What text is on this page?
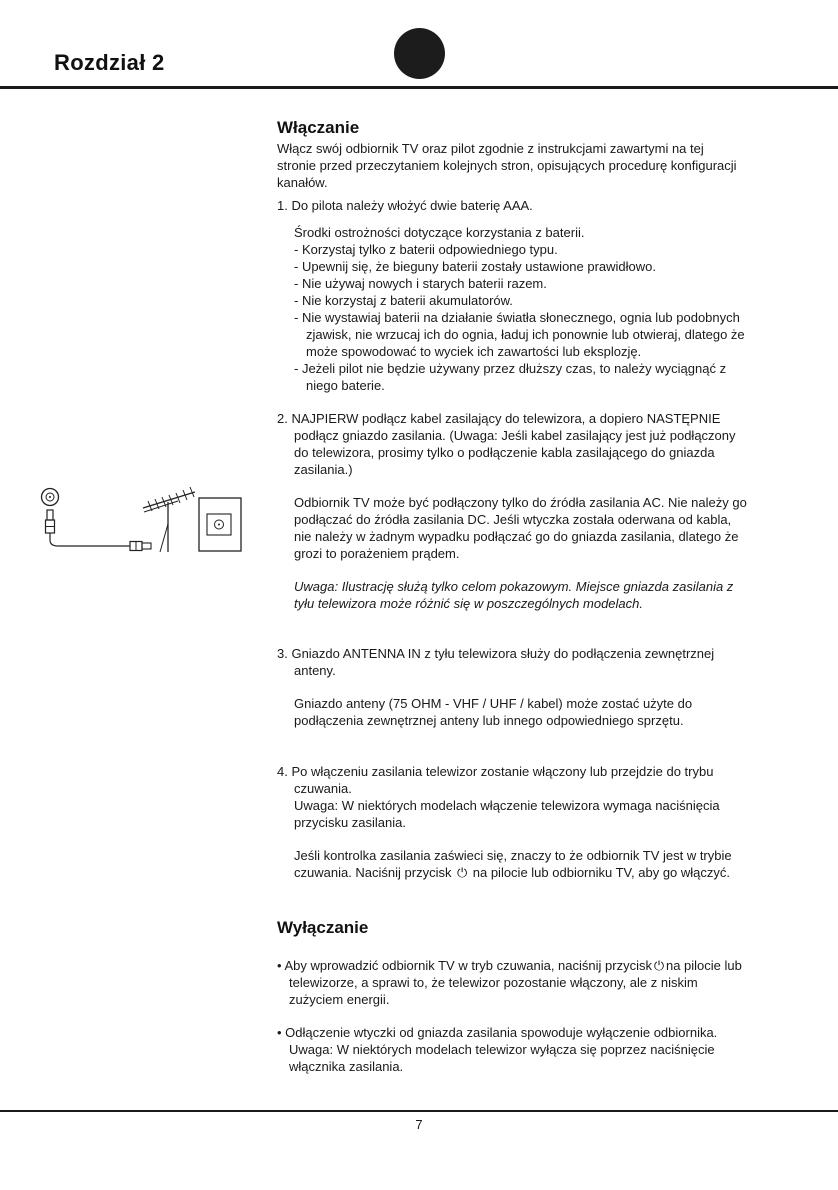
Rozdział 2
Włączanie

Włącz swój odbiornik TV oraz pilot zgodnie z instrukcjami zawartymi na tej

stronie przed przeczytaniem kolejnych stron, opisujących procedurę konfiguracji

kanałów.

1. Do pilota należy włożyć dwie baterię AAA.

Środki ostrożności dotyczące korzystania z baterii.

- Korzystaj tylko z baterii odpowiedniego typu.

- Upewnij się, że bieguny baterii zostały ustawione prawidłowo.

- Nie używaj nowych i starych baterii razem.

- Nie korzystaj z baterii akumulatorów.

- Nie wystawiaj baterii na działanie światła słonecznego, ognia lub podobnych

zjawisk, nie wrzucaj ich do ognia, ładuj ich ponownie lub otwieraj, dlatego że

może spowodować to wyciek ich zawartości lub eksplozję.

- Jeżeli pilot nie będzie używany przez dłuższy czas, to należy wyciągnąć z

niego baterie.

2. NAJPIERW podłącz kabel zasilający do telewizora, a dopiero NASTĘPNIE

podłącz gniazdo zasilania. (Uwaga: Jeśli kabel zasilający jest już podłączony

do telewizora, prosimy tylko o podłączenie kabla zasilającego do gniazda

zasilania.)

Odbiornik TV może być podłączony tylko do źródła zasilania AC. Nie należy go

podłączać do źródła zasilania DC. Jeśli wtyczka została oderwana od kabla,

nie należy w żadnym wypadku podłączać go do gniazda zasilania, dlatego że

grozi to porażeniem prądem.

Uwaga: Ilustrację służą tylko celom pokazowym. Miejsce gniazda zasilania z

tyłu telewizora może różnić się w poszczególnych modelach.

3. Gniazdo ANTENNA IN z tyłu telewizora służy do podłączenia zewnętrznej

anteny.

Gniazdo anteny (75 OHM - VHF / UHF / kabel) może zostać użyte do

podłączenia zewnętrznej anteny lub innego odpowiedniego sprzętu.

4. Po włączeniu zasilania telewizor zostanie włączony lub przejdzie do trybu

czuwania.

Uwaga: W niektórych modelach włączenie telewizora wymaga naciśnięcia

przycisku zasilania.

Jeśli kontrolka zasilania zaświeci się, znaczy to że odbiornik TV jest w trybie

czuwania. Naciśnij przycisk ⏻ na pilocie lub odbiorniku TV, aby go włączyć.

Wyłączanie

• Aby wprowadzić odbiornik TV w tryb czuwania, naciśnij przycisk ⏻ na pilocie lub

telewizorze, a sprawi to, że telewizor pozostanie włączony, ale z niskim

zużyciem energii.

• Odłączenie wtyczki od gniazda zasilania spowoduje wyłączenie odbiornika.

Uwaga: W niektórych modelach telewizor wyłącza się poprzez naciśnięcie

włącznika zasilania.

7
